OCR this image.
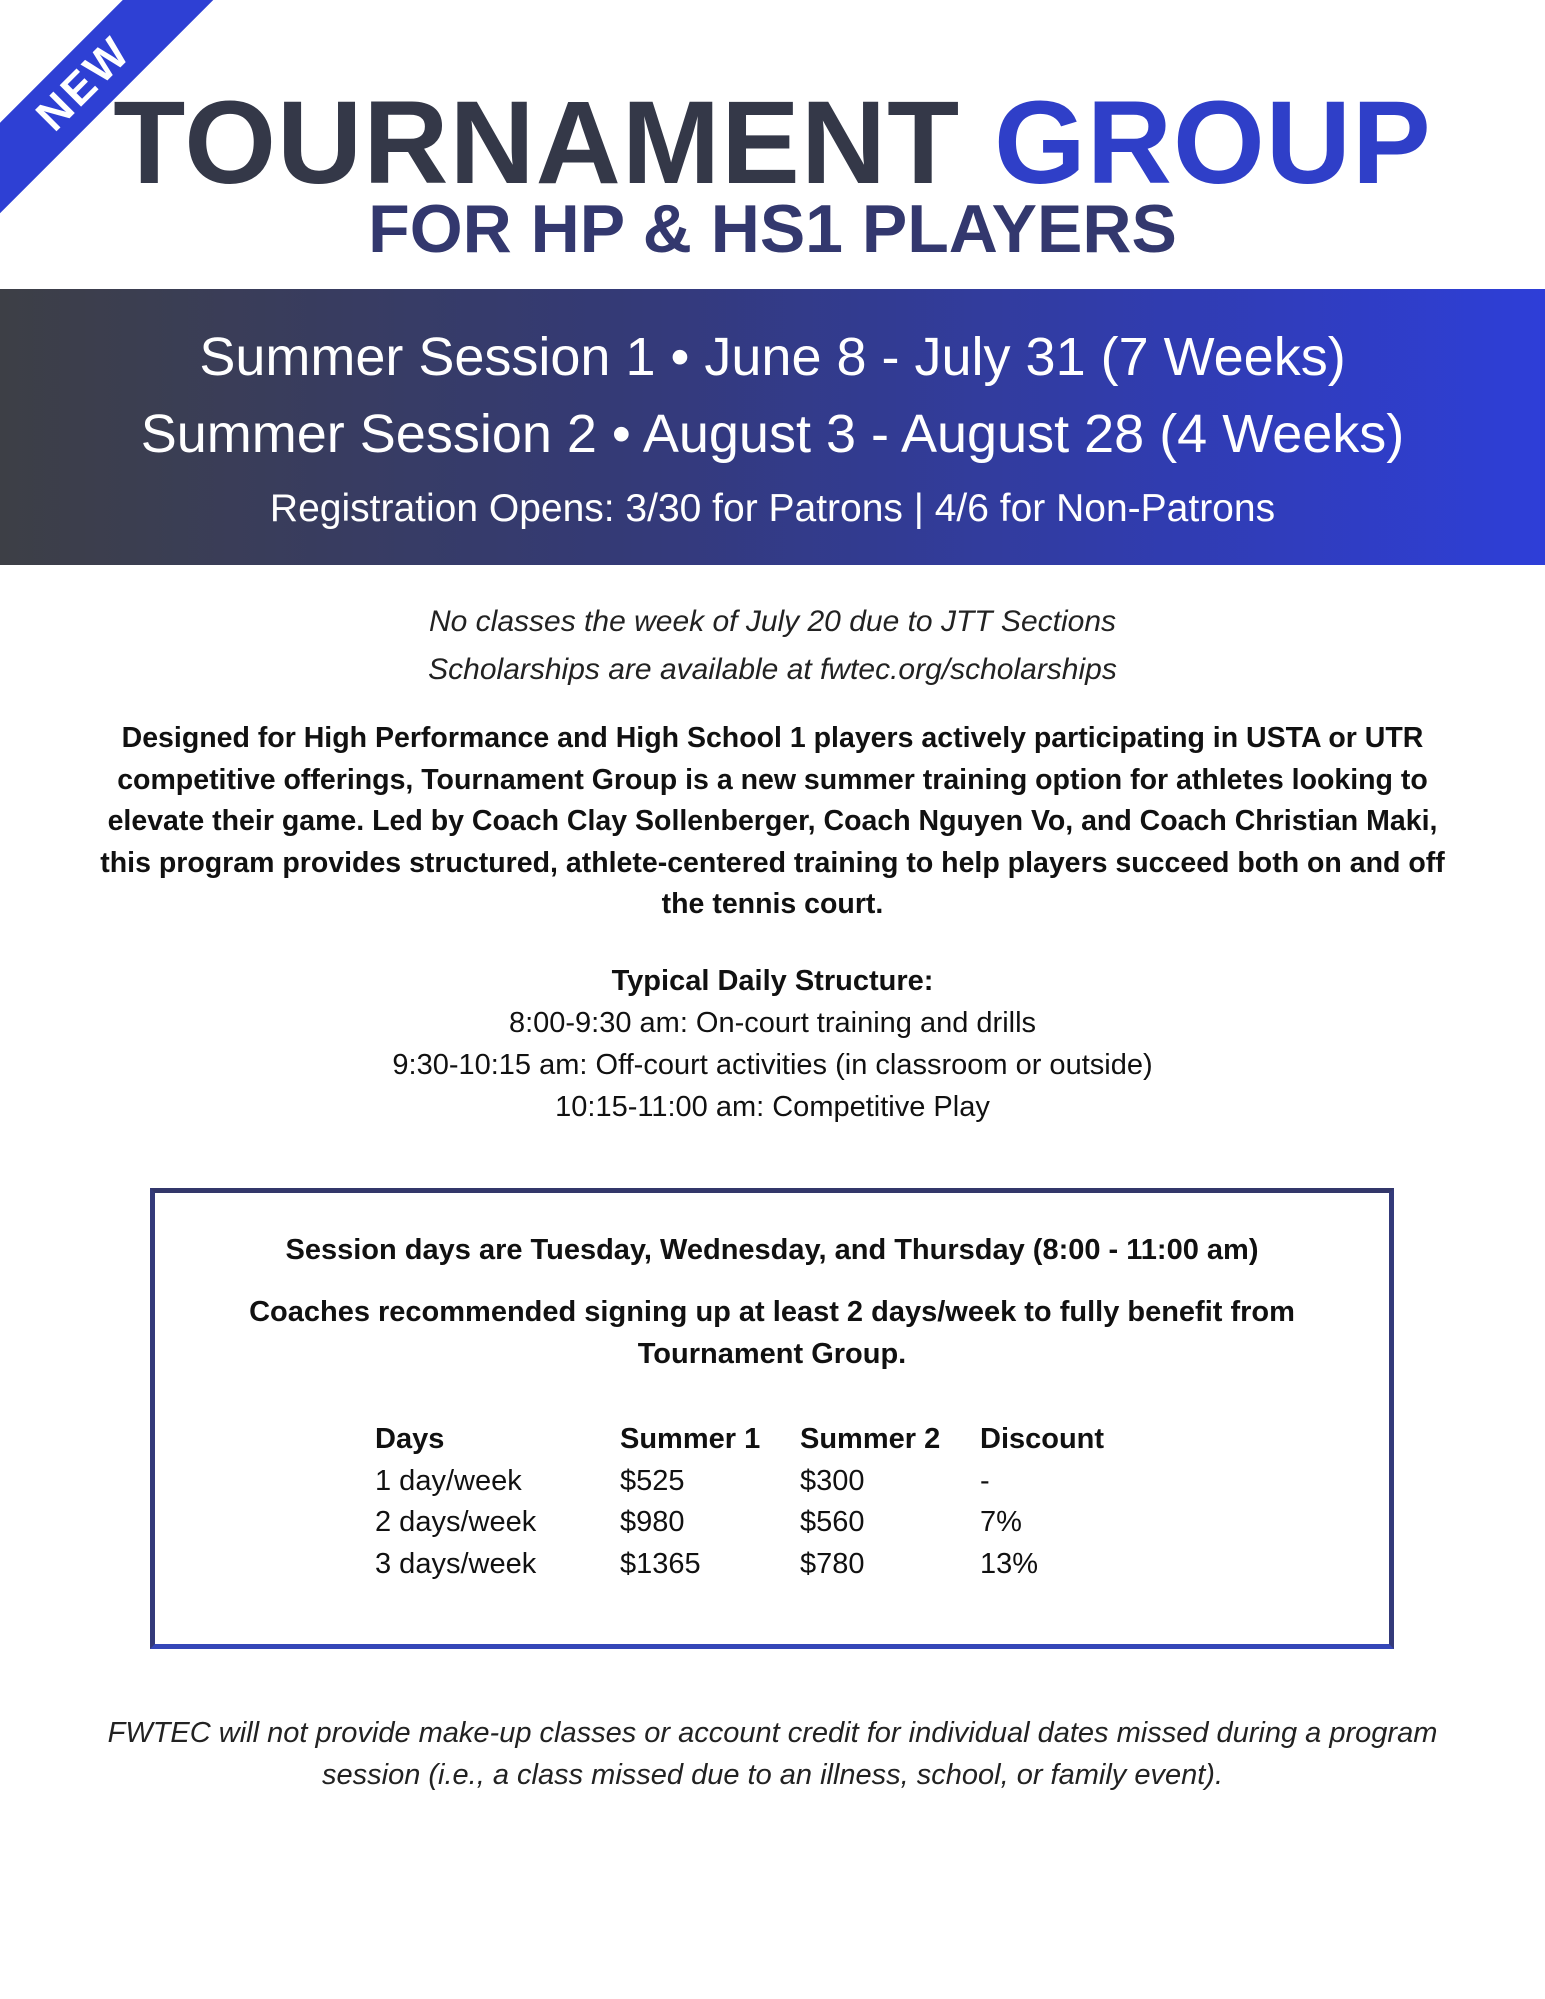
NEW
TOURNAMENT GROUP
FOR HP & HS1 PLAYERS
Summer Session 1 • June 8 - July 31 (7 Weeks)
Summer Session 2 • August 3 - August 28 (4 Weeks)
Registration Opens: 3/30 for Patrons | 4/6 for Non-Patrons
No classes the week of July 20 due to JTT Sections
Scholarships are available at fwtec.org/scholarships
Designed for High Performance and High School 1 players actively participating in USTA or UTR competitive offerings, Tournament Group is a new summer training option for athletes looking to elevate their game. Led by Coach Clay Sollenberger, Coach Nguyen Vo, and Coach Christian Maki, this program provides structured, athlete-centered training to help players succeed both on and off the tennis court.
Typical Daily Structure:
8:00-9:30 am: On-court training and drills
9:30-10:15 am: Off-court activities (in classroom or outside)
10:15-11:00 am: Competitive Play
Session days are Tuesday, Wednesday, and Thursday (8:00 - 11:00 am)
Coaches recommended signing up at least 2 days/week to fully benefit from Tournament Group.
Days	Summer 1	Summer 2	Discount
1 day/week	$525	$300	-
2 days/week	$980	$560	7%
3 days/week	$1365	$780	13%
FWTEC will not provide make-up classes or account credit for individual dates missed during a program session (i.e., a class missed due to an illness, school, or family event).
